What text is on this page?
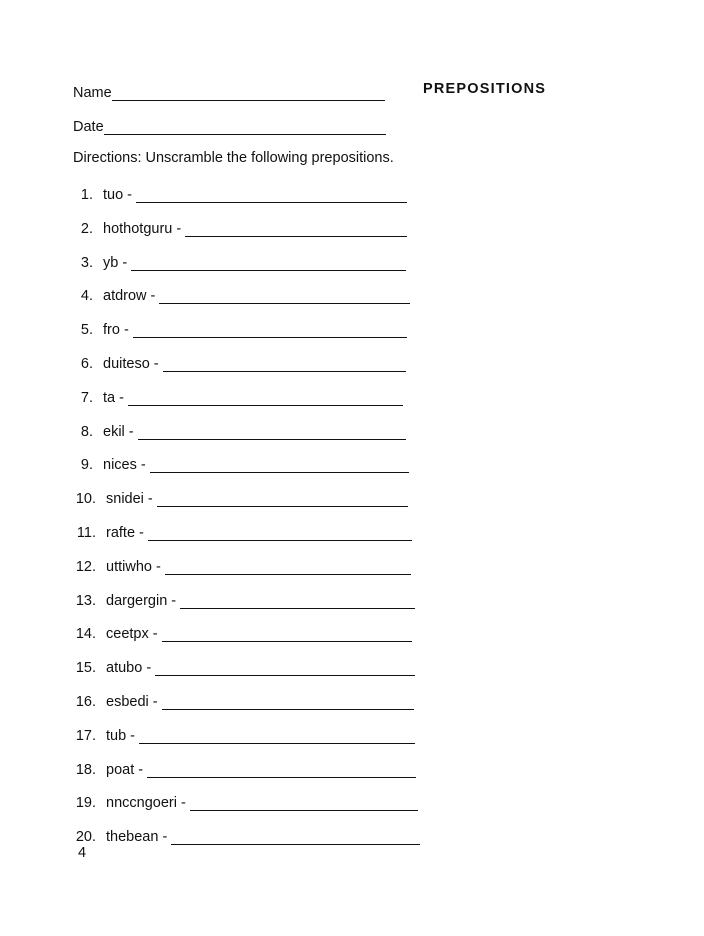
PREPOSITIONS
Name
Date
Directions: Unscramble the following prepositions.
1. tuo -
2. hothotguru -
3. yb -
4. atdrow -
5. fro -
6. duiteso -
7. ta -
8. ekil -
9. nices -
10. snidei -
11. rafte -
12. uttiwho -
13. dargergin -
14. ceetpx -
15. atubo -
16. esbedi -
17. tub -
18. poat -
19. nnccngoeri -
20. thebean -
4
